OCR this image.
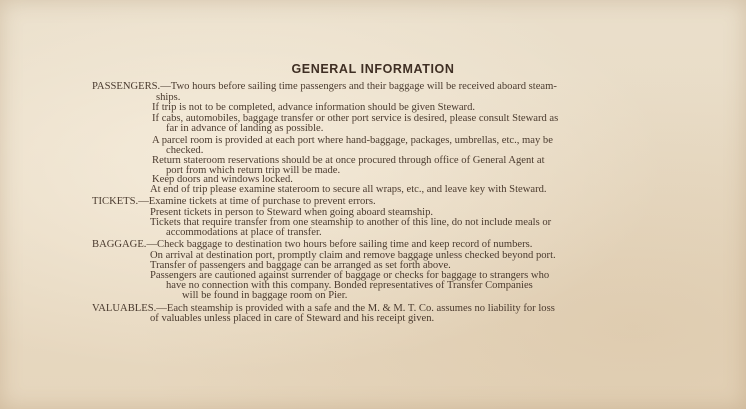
GENERAL INFORMATION
PASSENGERS.—Two hours before sailing time passengers and their baggage will be received aboard steam-
ships.
If trip is not to be completed, advance information should be given Steward.
If cabs, automobiles, baggage transfer or other port service is desired, please consult Steward as
far in advance of landing as possible.
A parcel room is provided at each port where hand-baggage, packages, umbrellas, etc., may be
checked.
Return stateroom reservations should be at once procured through office of General Agent at
port from which return trip will be made.
Keep doors and windows locked.
At end of trip please examine stateroom to secure all wraps, etc., and leave key with Steward.
TICKETS.—Examine tickets at time of purchase to prevent errors.
Present tickets in person to Steward when going aboard steamship.
Tickets that require transfer from one steamship to another of this line, do not include meals or
accommodations at place of transfer.
BAGGAGE.—Check baggage to destination two hours before sailing time and keep record of numbers.
On arrival at destination port, promptly claim and remove baggage unless checked beyond port.
Transfer of passengers and baggage can be arranged as set forth above.
Passengers are cautioned against surrender of baggage or checks for baggage to strangers who
have no connection with this company. Bonded representatives of Transfer Companies
will be found in baggage room on Pier.
VALUABLES.—Each steamship is provided with a safe and the M. & M. T. Co. assumes no liability for loss
of valuables unless placed in care of Steward and his receipt given.
